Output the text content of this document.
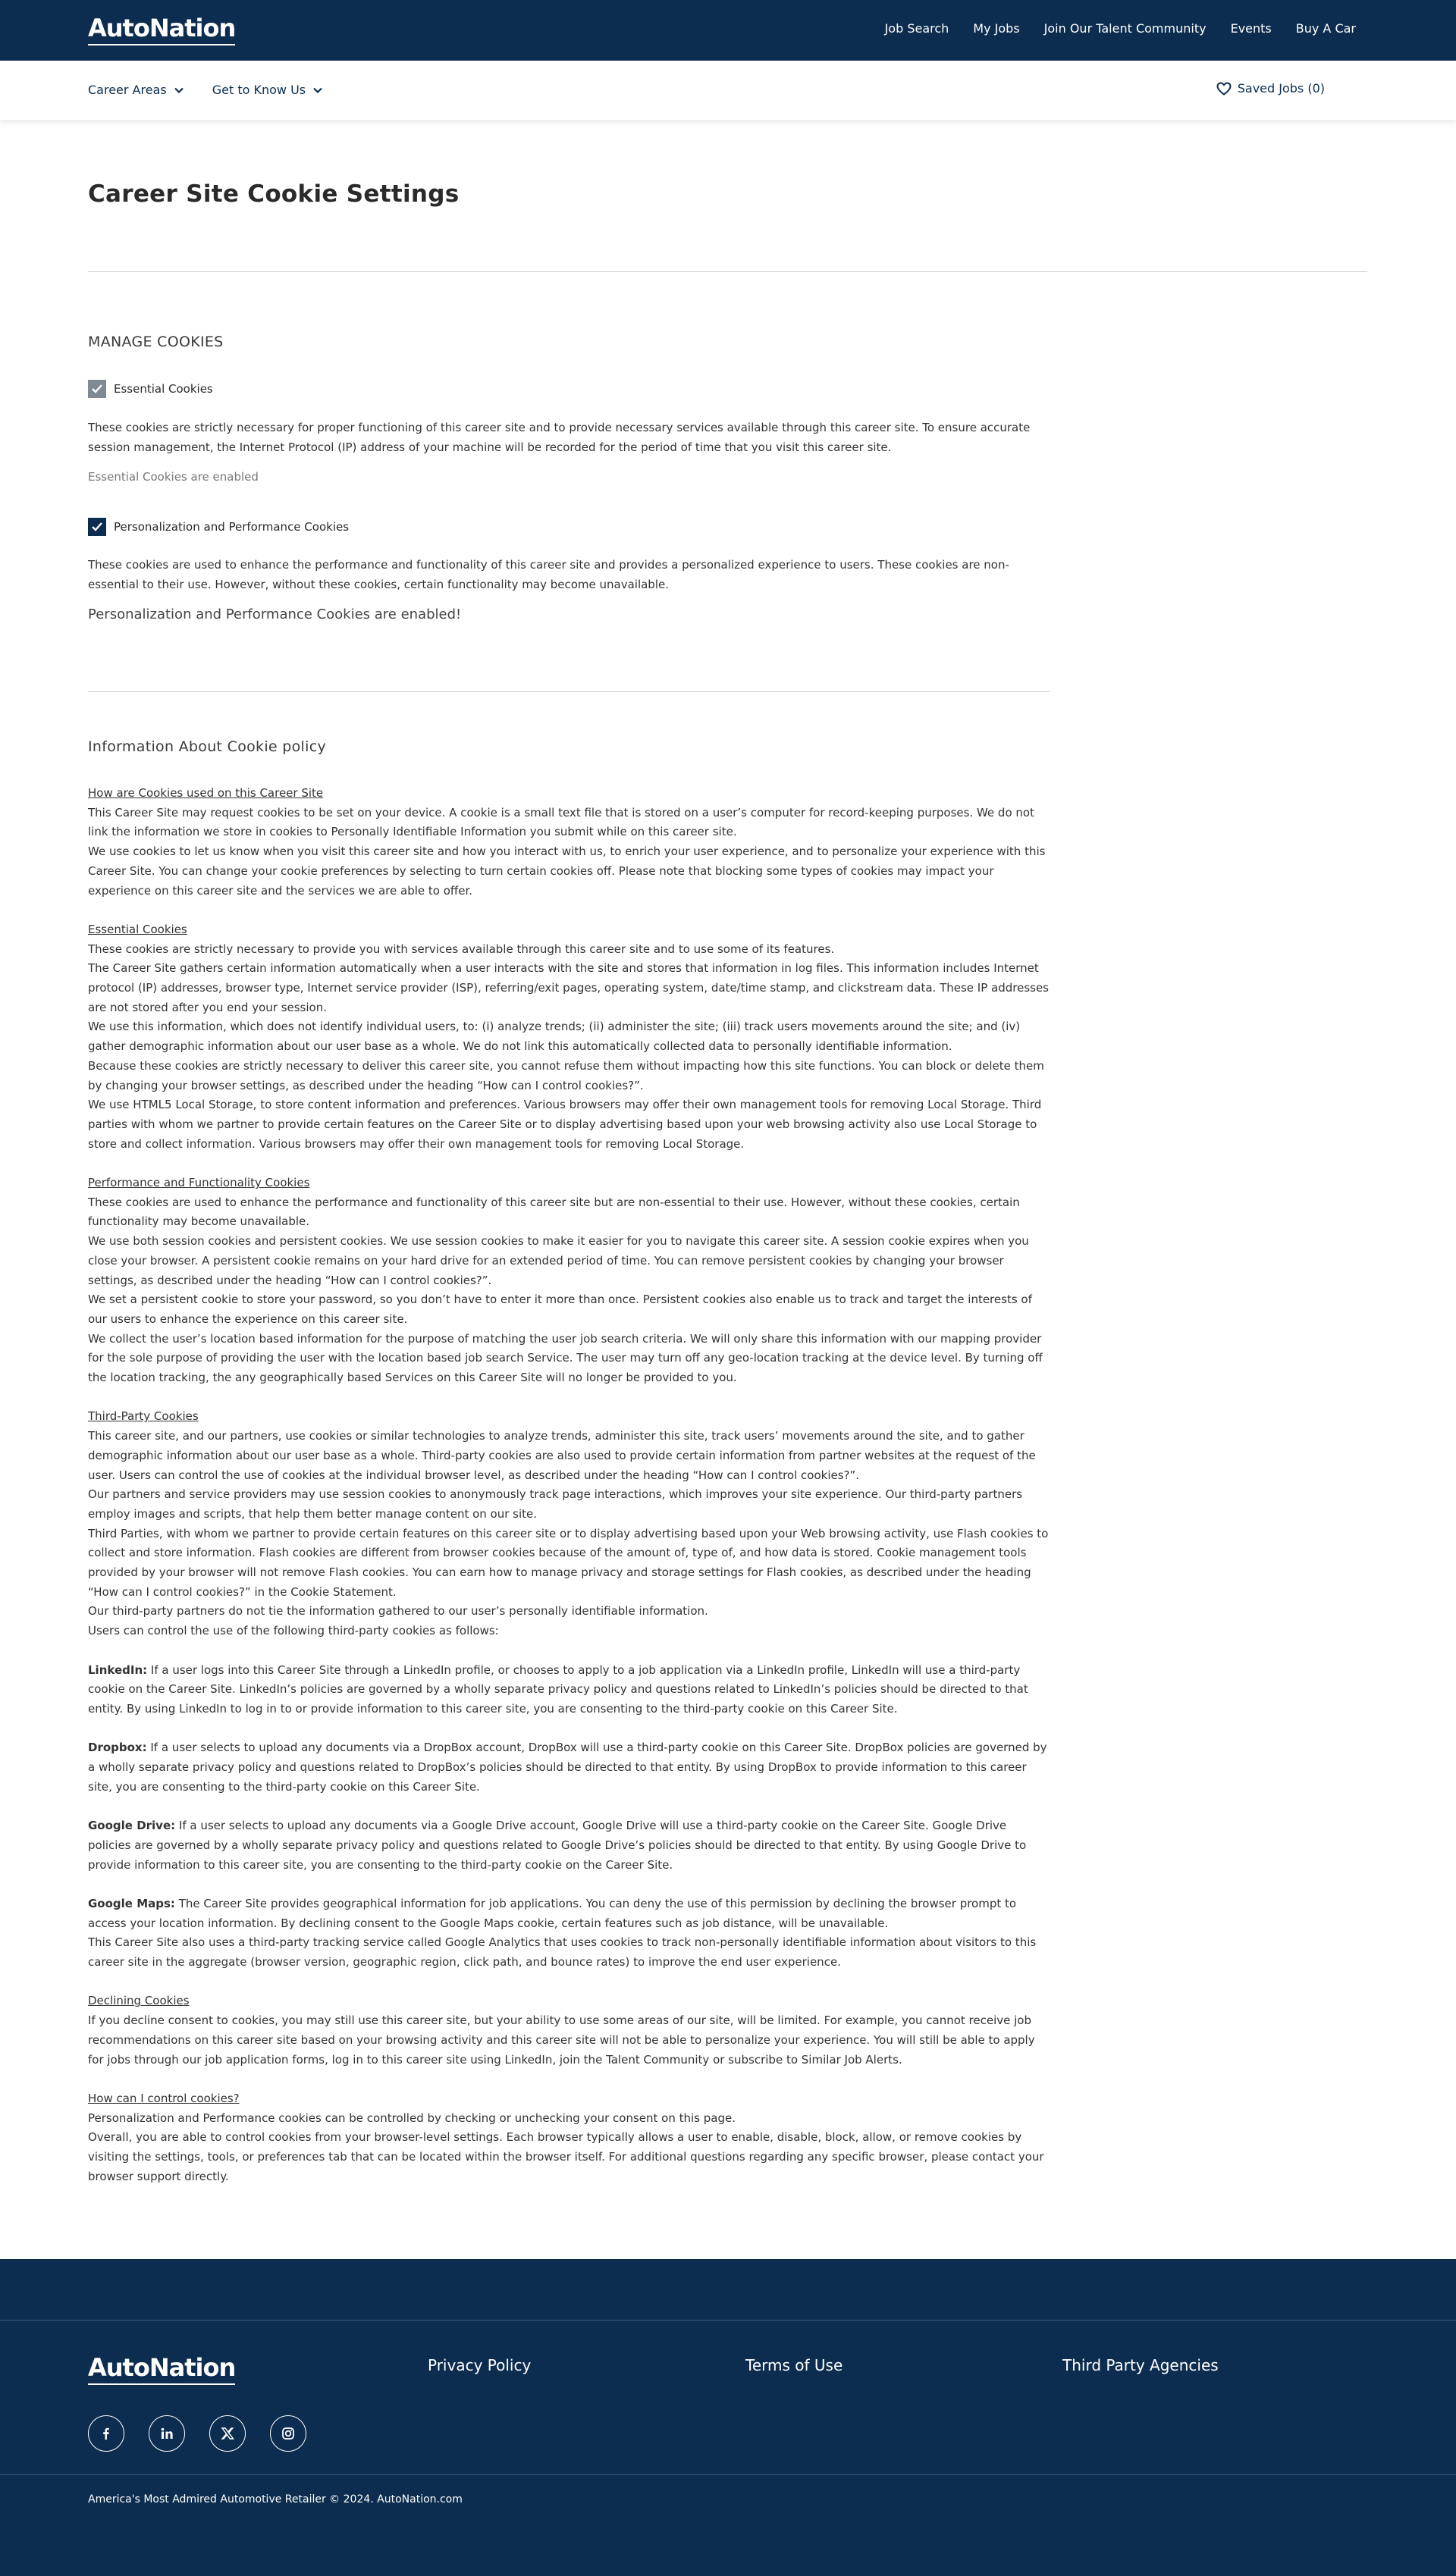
AutoNation	Job Search My Jobs Join Our Talent Community Events Buy A Car
Career Areas	Get to Know Us	Saved Jobs (0)
Career Site Cookie Settings
MANAGE COOKIES
Essential Cookies
These cookies are strictly necessary for proper functioning of this career site and to provide necessary services available through this career site. To ensure accurate session management, the Internet Protocol (IP) address of your machine will be recorded for the period of time that you visit this career site.
Essential Cookies are enabled
Personalization and Performance Cookies
These cookies are used to enhance the performance and functionality of this career site and provides a personalized experience to users. These cookies are non-essential to their use. However, without these cookies, certain functionality may become unavailable.
Personalization and Performance Cookies are enabled!
Information About Cookie policy
How are Cookies used on this Career Site

This Career Site may request cookies to be set on your device. A cookie is a small text file that is stored on a user’s computer for record-keeping purposes. We do not link the information we store in cookies to Personally Identifiable Information you submit while on this career site.

We use cookies to let us know when you visit this career site and how you interact with us, to enrich your user experience, and to personalize your experience with this Career Site. You can change your cookie preferences by selecting to turn certain cookies off. Please note that blocking some types of cookies may impact your experience on this career site and the services we are able to offer.

Essential Cookies

These cookies are strictly necessary to provide you with services available through this career site and to use some of its features.

The Career Site gathers certain information automatically when a user interacts with the site and stores that information in log files. This information includes Internet protocol (IP) addresses, browser type, Internet service provider (ISP), referring/exit pages, operating system, date/time stamp, and clickstream data. These IP addresses are not stored after you end your session.

We use this information, which does not identify individual users, to: (i) analyze trends; (ii) administer the site; (iii) track users movements around the site; and (iv) gather demographic information about our user base as a whole. We do not link this automatically collected data to personally identifiable information.

Because these cookies are strictly necessary to deliver this career site, you cannot refuse them without impacting how this site functions. You can block or delete them by changing your browser settings, as described under the heading “How can I control cookies?”.

We use HTML5 Local Storage, to store content information and preferences. Various browsers may offer their own management tools for removing Local Storage. Third parties with whom we partner to provide certain features on the Career Site or to display advertising based upon your web browsing activity also use Local Storage to store and collect information. Various browsers may offer their own management tools for removing Local Storage.

Performance and Functionality Cookies

These cookies are used to enhance the performance and functionality of this career site but are non-essential to their use. However, without these cookies, certain functionality may become unavailable.

We use both session cookies and persistent cookies. We use session cookies to make it easier for you to navigate this career site. A session cookie expires when you close your browser. A persistent cookie remains on your hard drive for an extended period of time. You can remove persistent cookies by changing your browser settings, as described under the heading “How can I control cookies?”.

We set a persistent cookie to store your password, so you don’t have to enter it more than once. Persistent cookies also enable us to track and target the interests of our users to enhance the experience on this career site.

We collect the user’s location based information for the purpose of matching the user job search criteria. We will only share this information with our mapping provider for the sole purpose of providing the user with the location based job search Service. The user may turn off any geo-location tracking at the device level. By turning off the location tracking, the any geographically based Services on this Career Site will no longer be provided to you.

Third-Party Cookies

This career site, and our partners, use cookies or similar technologies to analyze trends, administer this site, track users’ movements around the site, and to gather demographic information about our user base as a whole. Third-party cookies are also used to provide certain information from partner websites at the request of the user. Users can control the use of cookies at the individual browser level, as described under the heading “How can I control cookies?”.

Our partners and service providers may use session cookies to anonymously track page interactions, which improves your site experience. Our third-party partners employ images and scripts, that help them better manage content on our site.

Third Parties, with whom we partner to provide certain features on this career site or to display advertising based upon your Web browsing activity, use Flash cookies to collect and store information. Flash cookies are different from browser cookies because of the amount of, type of, and how data is stored. Cookie management tools provided by your browser will not remove Flash cookies. You can earn how to manage privacy and storage settings for Flash cookies, as described under the heading “How can I control cookies?” in the Cookie Statement.

Our third-party partners do not tie the information gathered to our user’s personally identifiable information.

Users can control the use of the following third-party cookies as follows:

LinkedIn: If a user logs into this Career Site through a LinkedIn profile, or chooses to apply to a job application via a LinkedIn profile, LinkedIn will use a third-party cookie on the Career Site. LinkedIn’s policies are governed by a wholly separate privacy policy and questions related to LinkedIn’s policies should be directed to that entity. By using LinkedIn to log in to or provide information to this career site, you are consenting to the third-party cookie on this Career Site.

Dropbox: If a user selects to upload any documents via a DropBox account, DropBox will use a third-party cookie on this Career Site. DropBox policies are governed by a wholly separate privacy policy and questions related to DropBox’s policies should be directed to that entity. By using DropBox to provide information to this career site, you are consenting to the third-party cookie on this Career Site.

Google Drive: If a user selects to upload any documents via a Google Drive account, Google Drive will use a third-party cookie on the Career Site. Google Drive policies are governed by a wholly separate privacy policy and questions related to Google Drive’s policies should be directed to that entity. By using Google Drive to provide information to this career site, you are consenting to the third-party cookie on the Career Site.

Google Maps: The Career Site provides geographical information for job applications. You can deny the use of this permission by declining the browser prompt to access your location information. By declining consent to the Google Maps cookie, certain features such as job distance, will be unavailable.

This Career Site also uses a third-party tracking service called Google Analytics that uses cookies to track non-personally identifiable information about visitors to this career site in the aggregate (browser version, geographic region, click path, and bounce rates) to improve the end user experience.

Declining Cookies

If you decline consent to cookies, you may still use this career site, but your ability to use some areas of our site, will be limited. For example, you cannot receive job recommendations on this career site based on your browsing activity and this career site will not be able to personalize your experience. You will still be able to apply for jobs through our job application forms, log in to this career site using LinkedIn, join the Talent Community or subscribe to Similar Job Alerts.

How can I control cookies?

Personalization and Performance cookies can be controlled by checking or unchecking your consent on this page.

Overall, you are able to control cookies from your browser-level settings. Each browser typically allows a user to enable, disable, block, allow, or remove cookies by visiting the settings, tools, or preferences tab that can be located within the browser itself. For additional questions regarding any specific browser, please contact your browser support directly.

AutoNation	Privacy Policy	Terms of Use	Third Party Agencies
America's Most Admired Automotive Retailer © 2024. AutoNation.com
